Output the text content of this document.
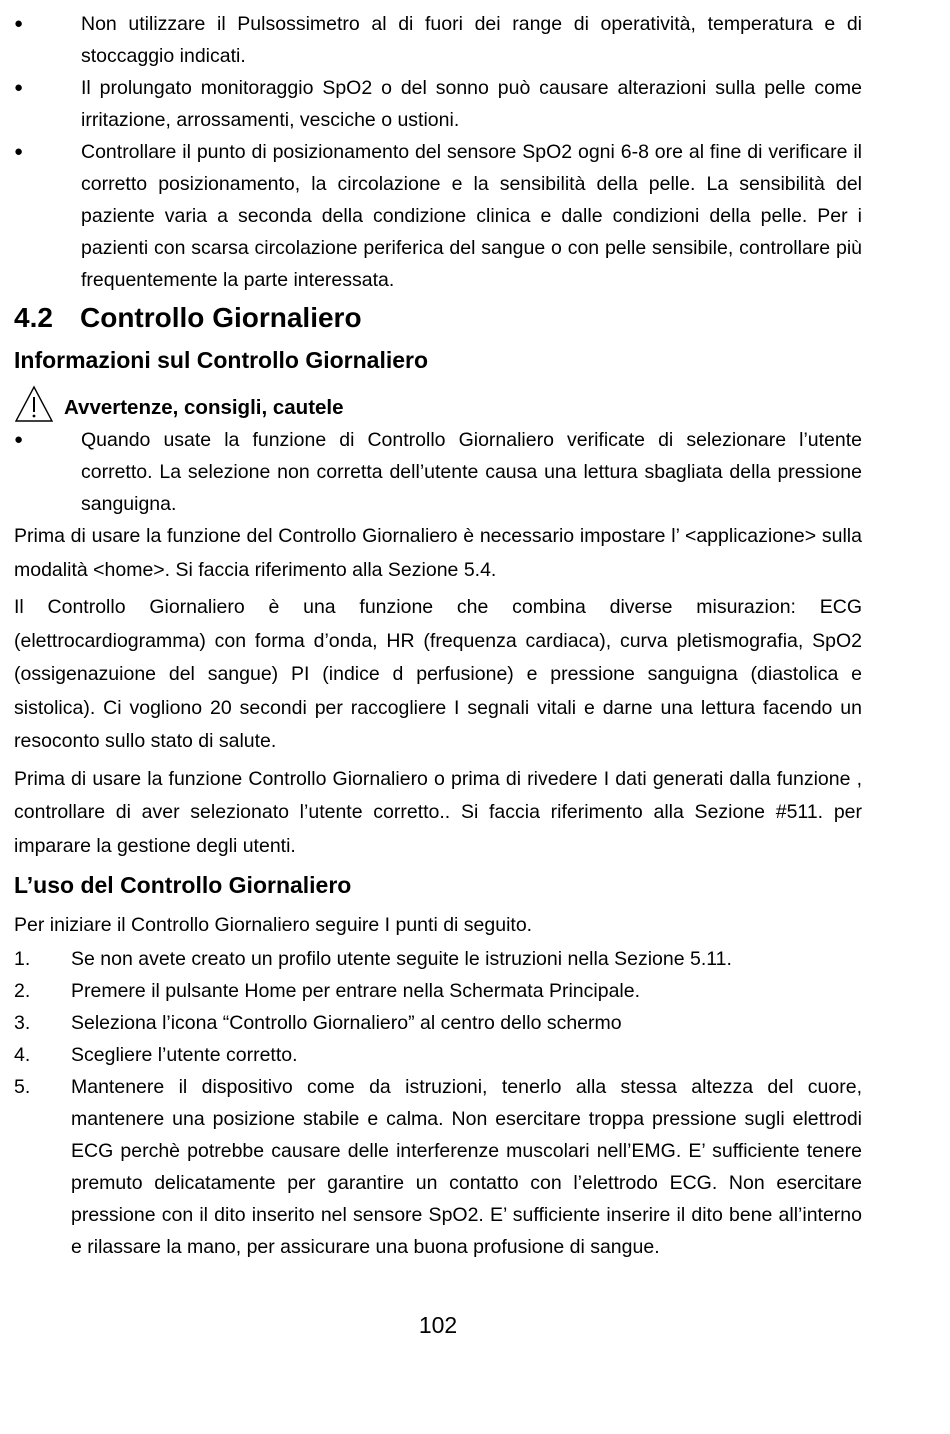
●	Non utilizzare il Pulsossimetro al di fuori dei range di operatività, temperatura e di stoccaggio indicati.
●	Il prolungato monitoraggio SpO2 o del sonno può causare alterazioni sulla pelle come irritazione, arrossamenti, vesciche o ustioni.
●	Controllare il punto di posizionamento del sensore SpO2 ogni 6-8 ore al fine di verificare il corretto posizionamento, la circolazione e la sensibilità della pelle. La sensibilità del paziente varia a seconda della condizione clinica e dalle condizioni della pelle. Per i pazienti con scarsa circolazione periferica del sangue o con pelle sensibile, controllare più frequentemente la parte interessata.
4.2 Controllo Giornaliero
Informazioni sul Controllo Giornaliero
Avvertenze, consigli, cautele
●	Quando usate la funzione di Controllo Giornaliero verificate di selezionare l’utente corretto. La selezione non corretta dell’utente causa una lettura sbagliata della pressione sanguigna.

Prima di usare la funzione del Controllo Giornaliero è necessario impostare l’ <applicazione> sulla modalità <home>. Si faccia riferimento alla Sezione 5.4.

Il Controllo Giornaliero è una funzione che combina diverse misurazion: ECG (elettrocardiogramma) con forma d’onda, HR (frequenza cardiaca), curva pletismografia, SpO2 (ossigenazuione del sangue) PI (indice d perfusione) e pressione sanguigna (diastolica e sistolica). Ci vogliono 20 secondi per raccogliere I segnali vitali e darne una lettura facendo un resoconto sullo stato di salute.

Prima di usare la funzione Controllo Giornaliero o prima di rivedere I dati generati dalla funzione , controllare di aver selezionato l’utente corretto.. Si faccia riferimento alla Sezione #511. per imparare la gestione degli utenti.

L’uso del Controllo Giornaliero

Per iniziare il Controllo Giornaliero seguire I punti di seguito.

1. Se non avete creato un profilo utente seguite le istruzioni nella Sezione 5.11.
2. Premere il pulsante Home per entrare nella Schermata Principale.
3. Seleziona l’icona “Controllo Giornaliero” al centro dello schermo
4. Scegliere l’utente corretto.
5. Mantenere il dispositivo come da istruzioni, tenerlo alla stessa altezza del cuore, mantenere una posizione stabile e calma. Non esercitare troppa pressione sugli elettrodi ECG perchè potrebbe causare delle interferenze muscolari nell’EMG. E’ sufficiente tenere premuto delicatamente per garantire un contatto con l’elettrodo ECG. Non esercitare pressione con il dito inserito nel sensore SpO2. E’ sufficiente inserire il dito bene all’interno e rilassare la mano, per assicurare una buona profusione di sangue.
102
